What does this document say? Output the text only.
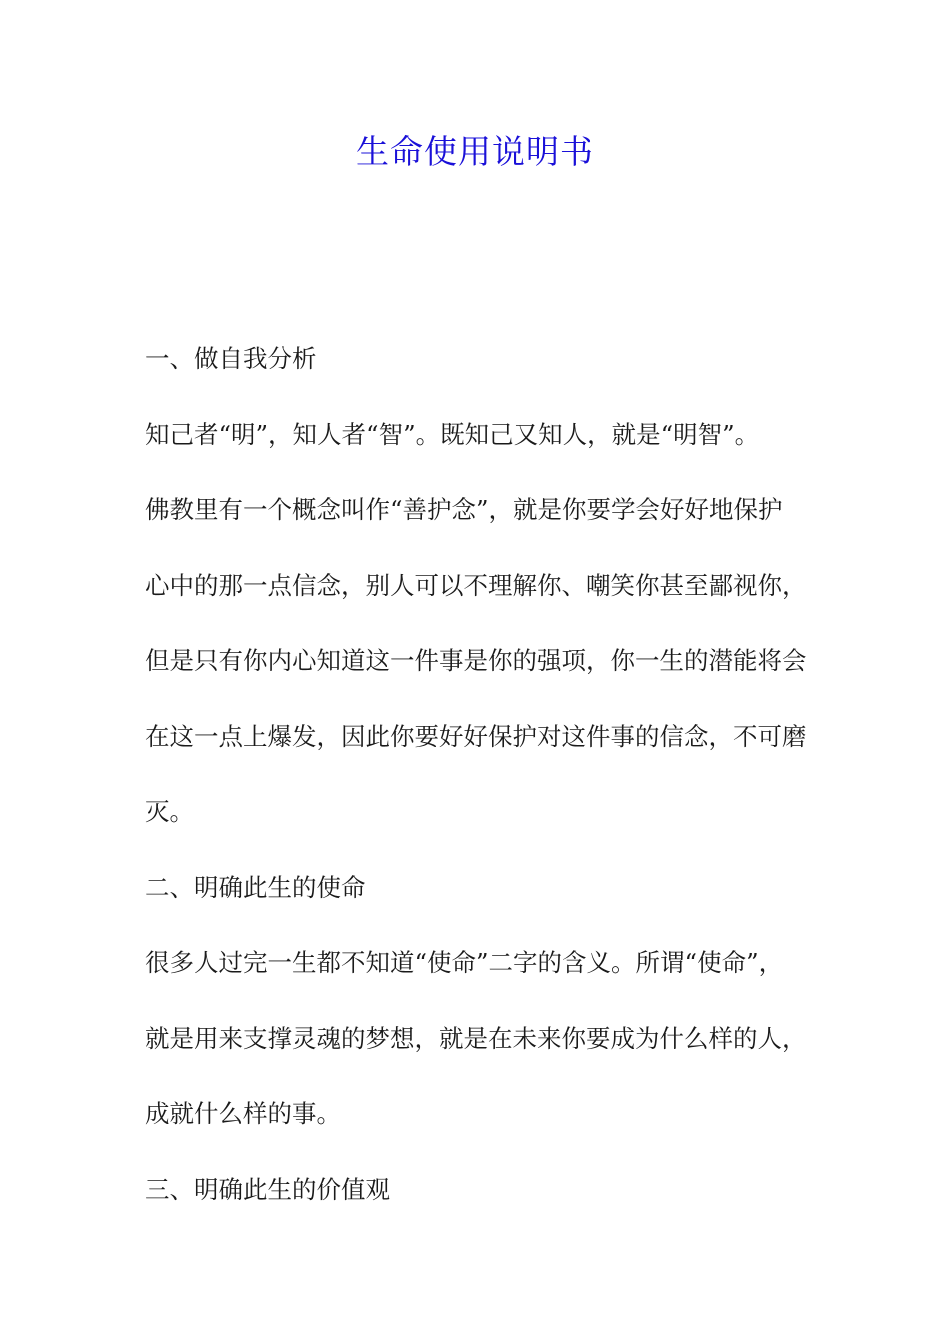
生命使用说明书

一、做自我分析

知己者“明”，知人者“智”。既知己又知人，就是“明智”。

佛教里有一个概念叫作“善护念”，就是你要学会好好地保护

心中的那一点信念，别人可以不理解你、嘲笑你甚至鄙视你，

但是只有你内心知道这一件事是你的强项，你一生的潜能将会

在这一点上爆发，因此你要好好保护对这件事的信念，不可磨

灭。

二、明确此生的使命

很多人过完一生都不知道“使命”二字的含义。所谓“使命”，

就是用来支撑灵魂的梦想，就是在未来你要成为什么样的人，

成就什么样的事。

三、明确此生的价值观
